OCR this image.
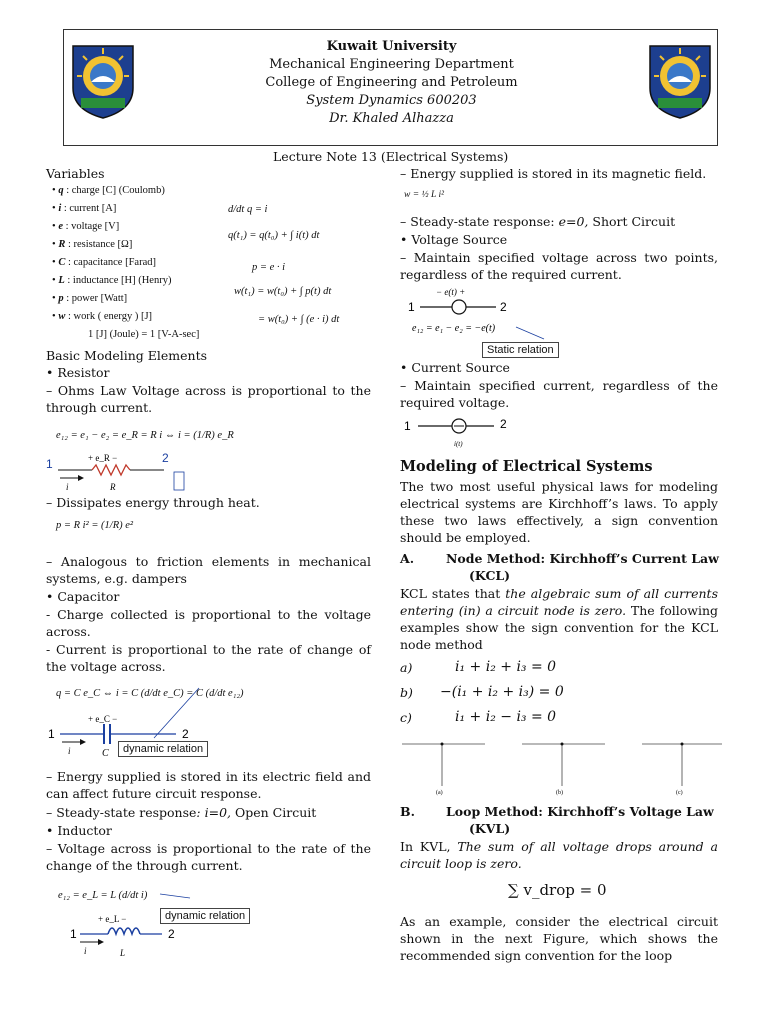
Kuwait University
Mechanical Engineering Department
College of Engineering and Petroleum
System Dynamics 600203
Dr. Khaled Alhazza
Lecture Note 13 (Electrical Systems)
Variables
• q : charge [C] (Coulomb)
• i : current [A]
• e : voltage [V]
• R : resistance [Ω]
• C : capacitance [Farad]
• L : inductance [H] (Henry)
• p : power [Watt]
• w : work ( energy ) [J]
1 [J] (Joule) = 1 [V-A-sec]
d/dt q = i
q(t₁) = q(t₀) + ∫ i(t) dt
p = e · i
w(t₁) = w(t₀) + ∫ p(t) dt
= w(t₀) + ∫ (e · i) dt
Basic Modeling Elements
• Resistor
– Ohms Law Voltage across is proportional to the through current.
e₁₂ = e₁ − e₂ = e_R = R i ⇔ i = (1/R) e_R
1	2
+ e_R −
i	R
– Dissipates energy through heat.
p = R i² = (1/R) e²
– Analogous to friction elements in mechanical systems, e.g. dampers
• Capacitor
- Charge collected is proportional to the voltage across.
- Current is proportional to the rate of change of the voltage across.
q = C e_C ⇔ i = C (d/dt e_C) = C (d/dt e₁₂)
1	2
+ e_C −
i	C	dynamic relation
– Energy supplied is stored in its electric field and can affect future circuit response.
– Steady-state response: i=0, Open Circuit
• Inductor
– Voltage across is proportional to the rate of the change of the through current.
e₁₂ = e_L = L (d/dt i)
1	2
+ e_L −
i	L
dynamic relation
– Energy supplied is stored in its magnetic field.
w = ½ L i²
– Steady-state response: e=0, Short Circuit
• Voltage Source
– Maintain specified voltage across two points, regardless of the required current.
− e(t) +
1	2
e₁₂ = e₁ − e₂ = −e(t)
Static relation
• Current Source
– Maintain specified current, regardless of the required voltage.
1	2
i(t)
Modeling of Electrical Systems
The two most useful physical laws for modeling electrical systems are Kirchhoff’s laws. To apply these two laws effectively, a sign convention should be employed.
A.	Node Method: Kirchhoff’s Current Law
(KCL)
KCL states that the algebraic sum of all currents entering (in) a circuit node is zero. The following examples show the sign convention for the KCL node method
a)	i₁ + i₂ + i₃ = 0
b) −(i₁ + i₂ + i₃) = 0
c)	i₁ + i₂ − i₃ = 0
(a)	(b)	(c)
B. Loop Method: Kirchhoff’s Voltage Law
(KVL)
In KVL, The sum of all voltage drops around a circuit loop is zero.
∑ v_drop = 0
As an example, consider the electrical circuit shown in the next Figure, which shows the recommended sign convention for the loop
